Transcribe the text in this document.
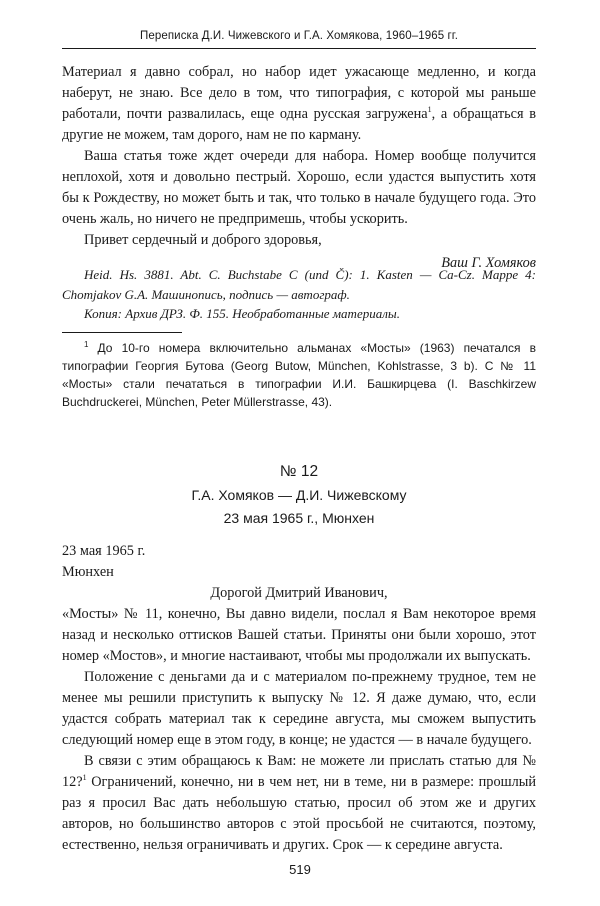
Переписка Д.И. Чижевского и Г.А. Хомякова, 1960–1965 гг.

Материал я давно собрал, но набор идет ужасающе медленно, и когда наберут, не знаю. Все дело в том, что типография, с которой мы раньше работали, почти развалилась, еще одна русская загружена$^1$, а обращаться в другие не можем, там дорого, нам не по карману.

Ваша статья тоже ждет очереди для набора. Номер вообще получится неплохой, хотя и довольно пестрый. Хорошо, если удастся выпустить хотя бы к Рождеству, но может быть и так, что только в начале будущего года. Это очень жаль, но ничего не предпримешь, чтобы ускорить.

Привет сердечный и доброго здоровья,

Ваш Г. Хомяков

Heid. Hs. 3881. Abt. C. Buchstabe C (und Č): 1. Kasten — Ca-Cz. Mappe 4: Chomjakov G.A. Машинопись, подпись — автограф.

Копия: Архив ДРЗ. Ф. 155. Необработанные материалы.

$^1$ До 10-го номера включительно альманах «Мосты» (1963) печатался в типографии Георгия Бутова (Georg Butow, München, Kohlstrasse, 3 b). С № 11 «Мосты» стали печататься в типографии И.И. Башкирцева (I. Baschkirzew Buchdruckerei, München, Peter Müllerstrasse, 43).

№ 12
Г.А. Хомяков — Д.И. Чижевскому
23 мая 1965 г., Мюнхен

23 мая 1965 г.

Мюнхен

Дорогой Дмитрий Иванович,

«Мосты» № 11, конечно, Вы давно видели, послал я Вам некоторое время назад и несколько оттисков Вашей статьи. Приняты они были хорошо, этот номер «Мостов», и многие настаивают, чтобы мы продолжали их выпускать.

Положение с деньгами да и с материалом по-прежнему трудное, тем не менее мы решили приступить к выпуску № 12. Я даже думаю, что, если удастся собрать материал так к середине августа, мы сможем выпустить следующий номер еще в этом году, в конце; не удастся — в начале будущего.

В связи с этим обращаюсь к Вам: не можете ли прислать статью для № 12?$^1$ Ограничений, конечно, ни в чем нет, ни в теме, ни в размере: прошлый раз я просил Вас дать небольшую статью, просил об этом же и других авторов, но большинство авторов с этой просьбой не считаются, поэтому, естественно, нельзя ограничивать и других. Срок — к середине августа.

519
